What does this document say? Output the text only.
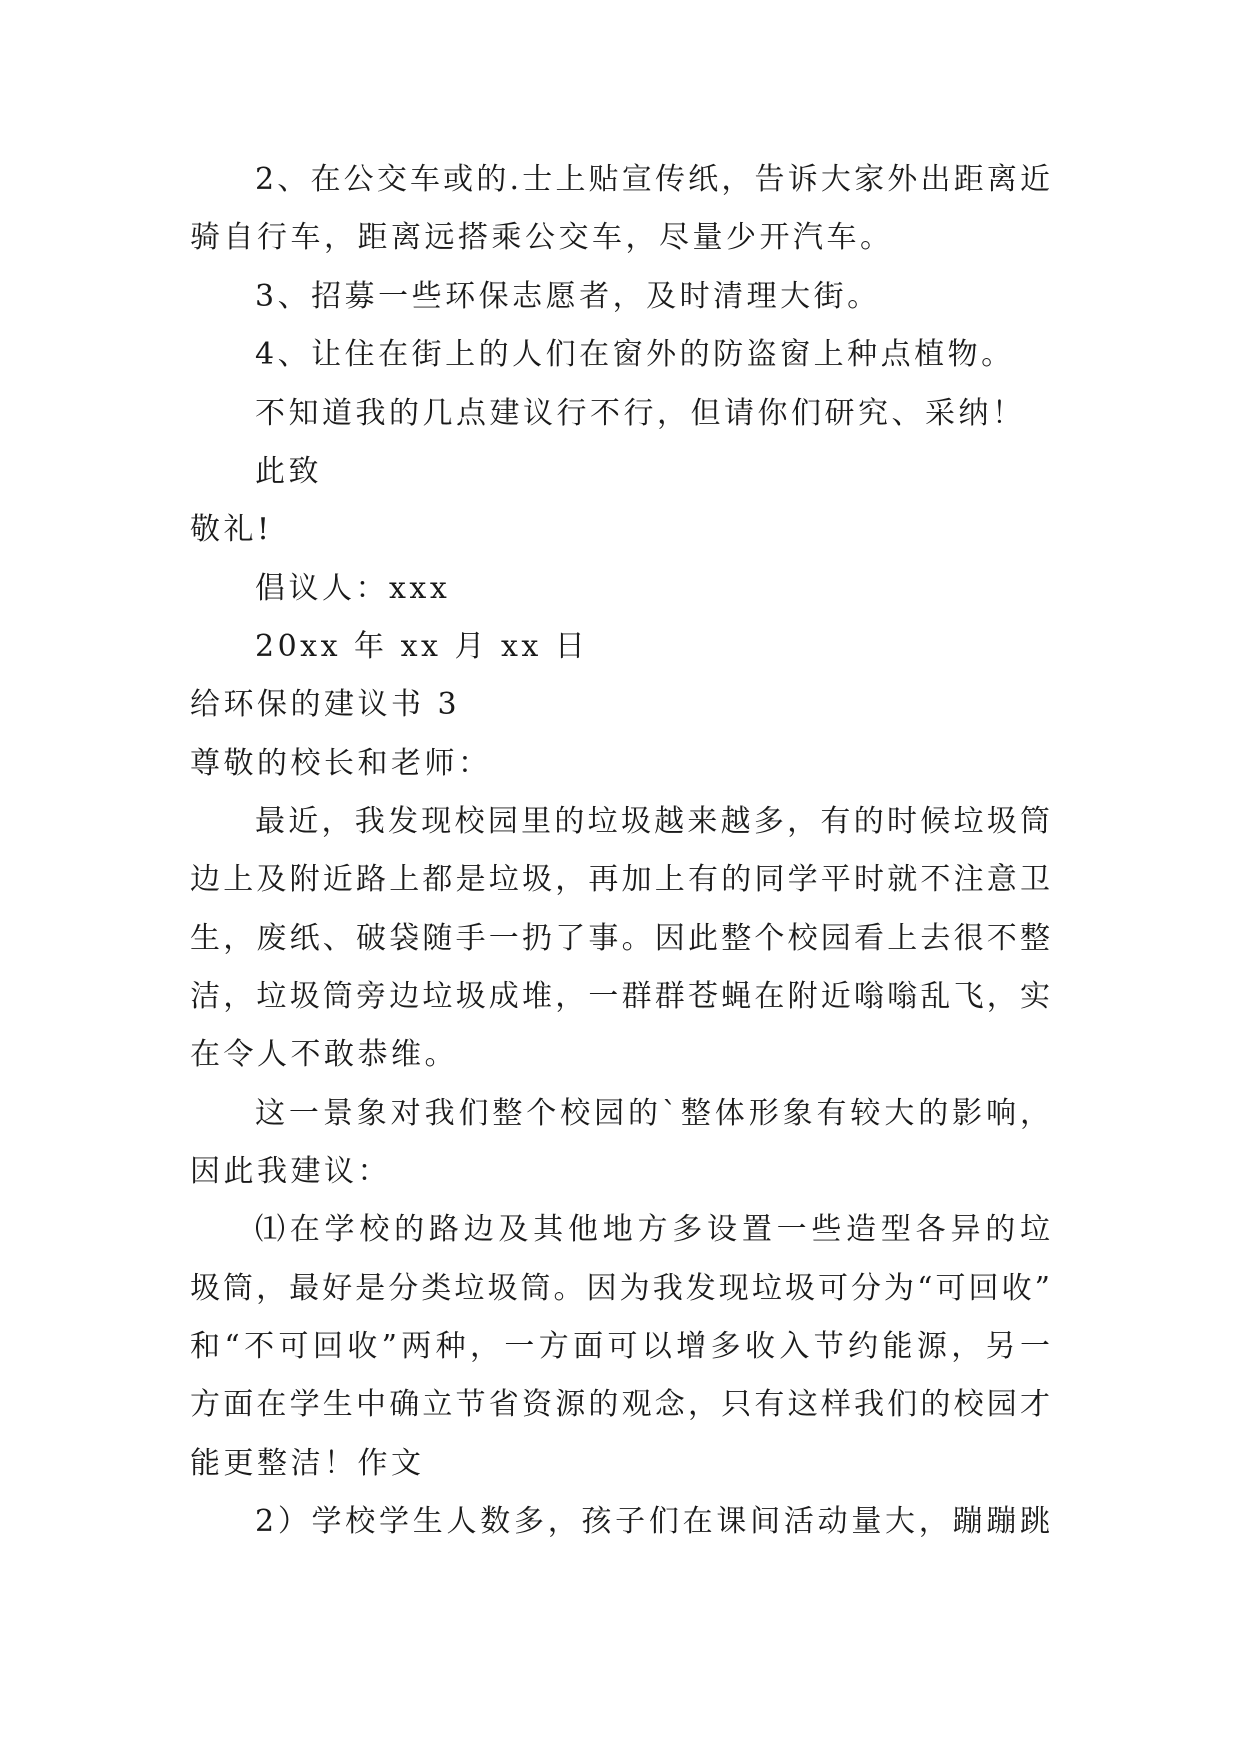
2、在公交车或的.士上贴宣传纸，告诉大家外出距离近
骑自行车，距离远搭乘公交车，尽量少开汽车。
3、招募一些环保志愿者，及时清理大街。
4、让住在街上的人们在窗外的防盗窗上种点植物。
不知道我的几点建议行不行，但请你们研究、采纳！
此致
敬礼!
倡议人：xxx
20xx 年 xx 月 xx 日
给环保的建议书 3
尊敬的校长和老师：
最近，我发现校园里的垃圾越来越多，有的时候垃圾筒
边上及附近路上都是垃圾，再加上有的同学平时就不注意卫
生，废纸、破袋随手一扔了事。因此整个校园看上去很不整
洁，垃圾筒旁边垃圾成堆，一群群苍蝇在附近嗡嗡乱飞，实
在令人不敢恭维。
这一景象对我们整个校园的`整体形象有较大的影响，
因此我建议：
⑴在学校的路边及其他地方多设置一些造型各异的垃
圾筒，最好是分类垃圾筒。因为我发现垃圾可分为“可回收”
和“不可回收”两种，一方面可以增多收入节约能源，另一
方面在学生中确立节省资源的观念，只有这样我们的校园才
能更整洁！作文
2）学校学生人数多，孩子们在课间活动量大，蹦蹦跳
